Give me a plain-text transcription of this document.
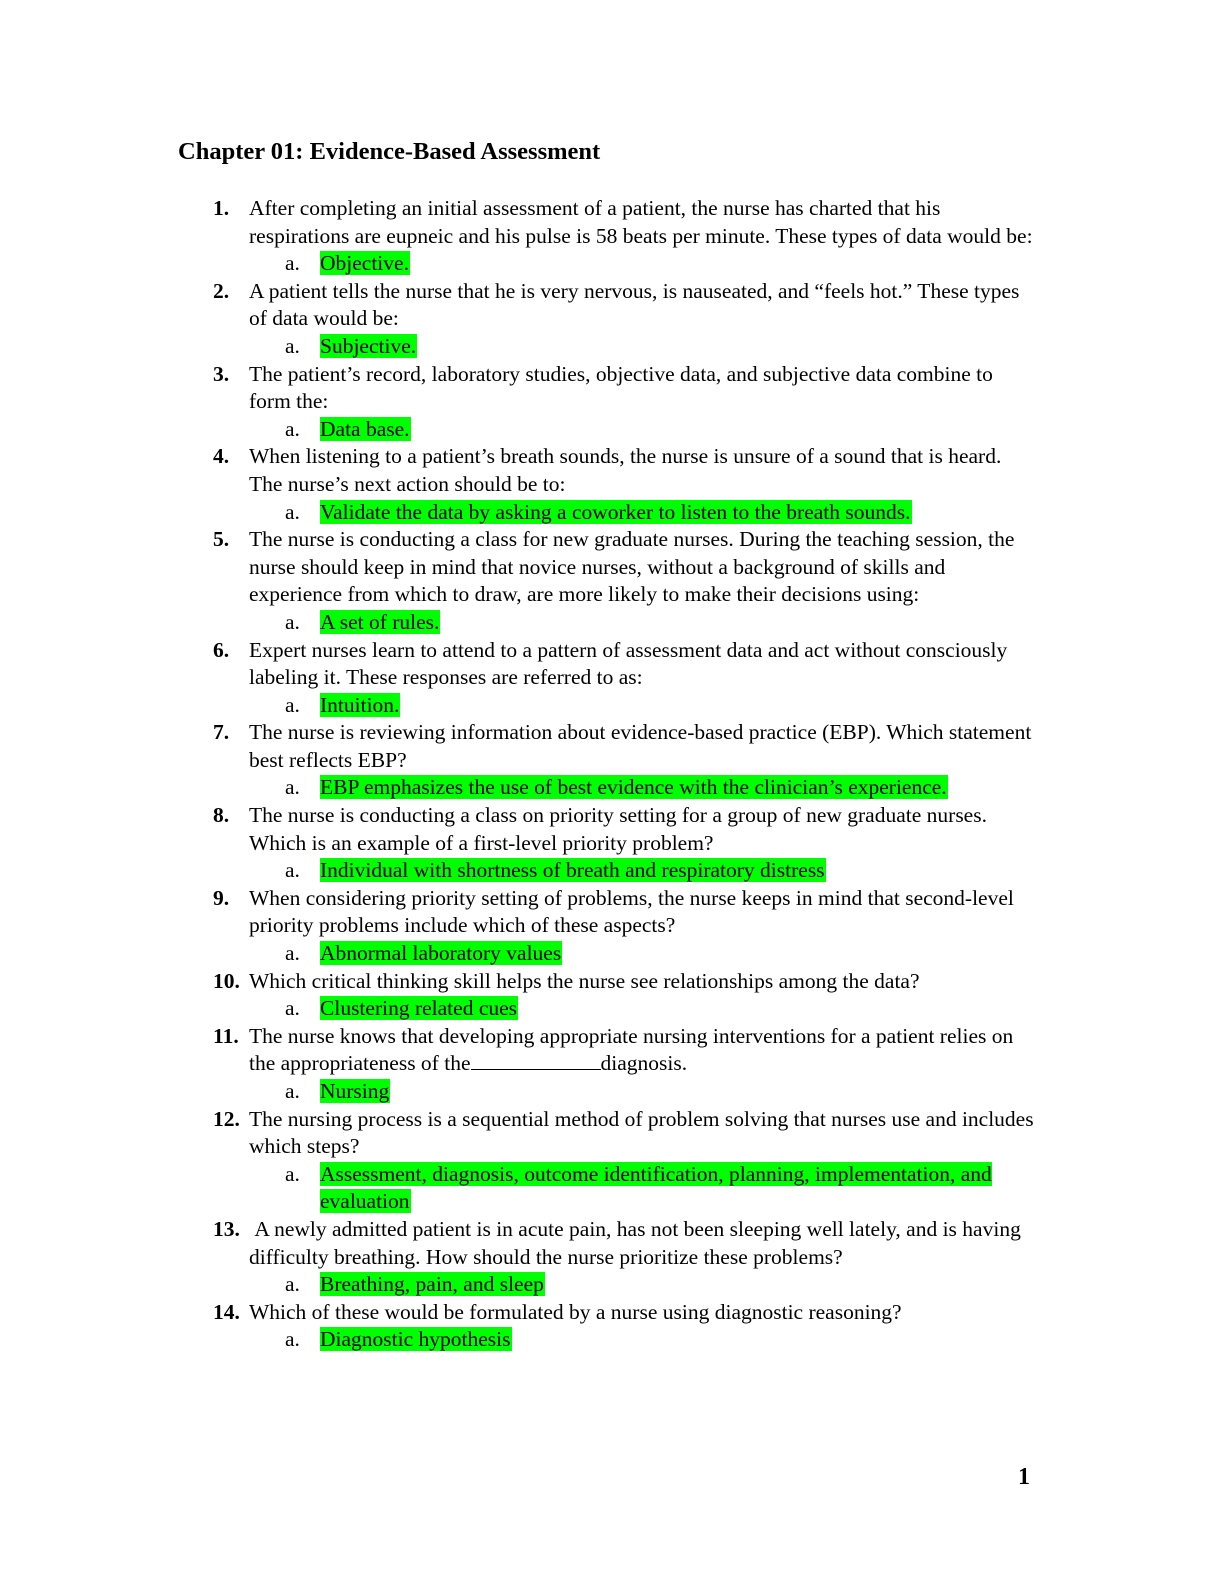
Chapter 01: Evidence-Based Assessment
1. After completing an initial assessment of a patient, the nurse has charted that his respirations are eupneic and his pulse is 58 beats per minute. These types of data would be:
a. Objective.
2. A patient tells the nurse that he is very nervous, is nauseated, and “feels hot.” These types of data would be:
a. Subjective.
3. The patient’s record, laboratory studies, objective data, and subjective data combine to form the:
a. Data base.
4. When listening to a patient’s breath sounds, the nurse is unsure of a sound that is heard. The nurse’s next action should be to:
a. Validate the data by asking a coworker to listen to the breath sounds.
5. The nurse is conducting a class for new graduate nurses. During the teaching session, the nurse should keep in mind that novice nurses, without a background of skills and experience from which to draw, are more likely to make their decisions using:
a. A set of rules.
6. Expert nurses learn to attend to a pattern of assessment data and act without consciously labeling it. These responses are referred to as:
a. Intuition.
7. The nurse is reviewing information about evidence-based practice (EBP). Which statement best reflects EBP?
a. EBP emphasizes the use of best evidence with the clinician’s experience.
8. The nurse is conducting a class on priority setting for a group of new graduate nurses. Which is an example of a first-level priority problem?
a. Individual with shortness of breath and respiratory distress
9. When considering priority setting of problems, the nurse keeps in mind that second-level priority problems include which of these aspects?
a. Abnormal laboratory values
10. Which critical thinking skill helps the nurse see relationships among the data?
a. Clustering related cues
11. The nurse knows that developing appropriate nursing interventions for a patient relies on the appropriateness of the	diagnosis.
a. Nursing
12. The nursing process is a sequential method of problem solving that nurses use and includes which steps?
a. Assessment, diagnosis, outcome identification, planning, implementation, and evaluation
13. A newly admitted patient is in acute pain, has not been sleeping well lately, and is having difficulty breathing. How should the nurse prioritize these problems?
a. Breathing, pain, and sleep
14. Which of these would be formulated by a nurse using diagnostic reasoning?
a. Diagnostic hypothesis
1
